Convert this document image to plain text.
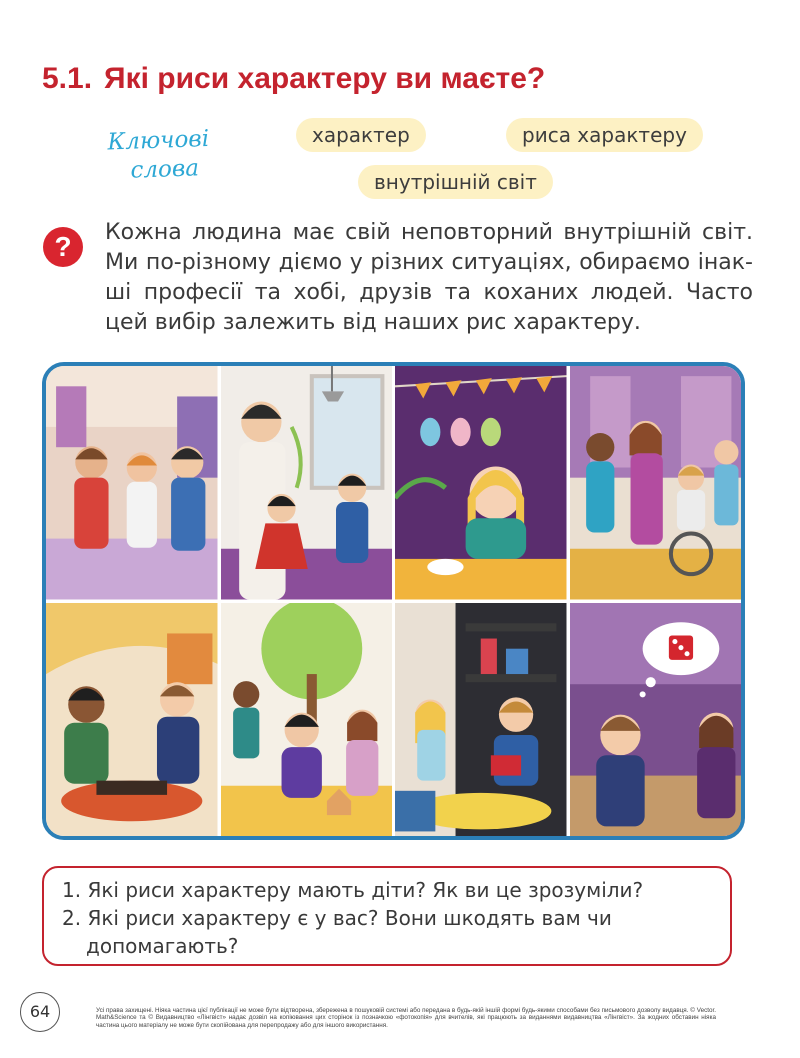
5.1. Які риси характеру ви маєте?
Ключові
слова
характер	риса характеру
внутрішній світ
?	Кожна людина має свій неповторний внутрішній світ. Ми по-різному діємо у різних ситуаціях, обираємо інакші професії та хобі, друзів та коханих людей. Часто цей вибір залежить від наших рис характеру.

1. Які риси характеру мають діти? Як ви це зрозуміли?
2. Які риси характеру є у вас? Вони шкодять вам чи допомагають?
64	Усі права захищені. Ніяка частина цієї публікації не може бути відтворена, збережена в пошуковій системі або передана в будь-якій іншій формі будь-якими способами без письмового дозволу видавця. © Vector. Math&Science та © Видавництво «Лінгвіст» надає дозвіл на копіювання цих сторінок із позначкою «фотокопія» для вчителів, які працюють за виданнями видавництва «Лінгвіст». За жодних обставин ніяка частина цього матеріалу не може бути скопійована для перепродажу або для іншого використання.
